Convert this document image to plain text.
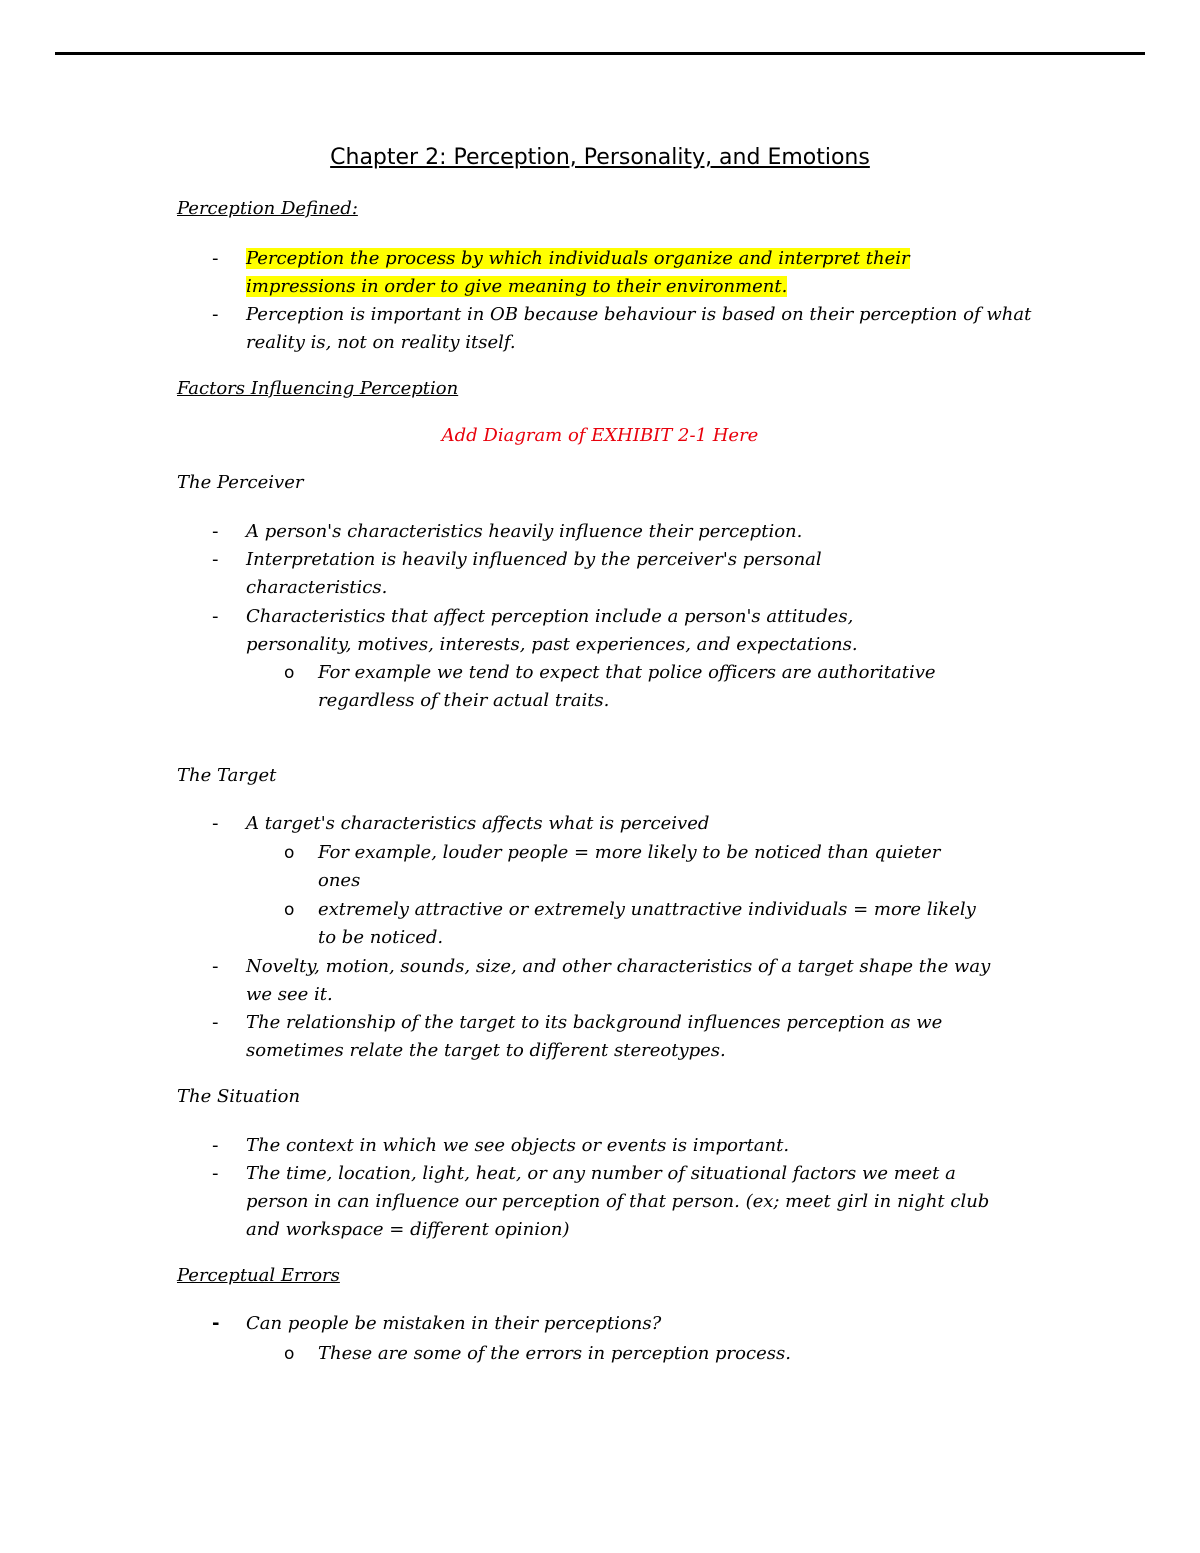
Chapter 2: Perception, Personality, and Emotions
Perception Defined:
- Perception the process by which individuals organize and interpret their impressions in order to give meaning to their environment.
- Perception is important in OB because behaviour is based on their perception of what reality is, not on reality itself.
Factors Influencing Perception
Add Diagram of EXHIBIT 2-1 Here
The Perceiver
- A person's characteristics heavily influence their perception.
- Interpretation is heavily influenced by the perceiver's personal characteristics.
- Characteristics that affect perception include a person's attitudes, personality, motives, interests, past experiences, and expectations.
o For example we tend to expect that police officers are authoritative regardless of their actual traits.
The Target
- A target's characteristics affects what is perceived
o For example, louder people = more likely to be noticed than quieter ones
o extremely attractive or extremely unattractive individuals = more likely to be noticed.
- Novelty, motion, sounds, size, and other characteristics of a target shape the way we see it.
- The relationship of the target to its background influences perception as we sometimes relate the target to different stereotypes.
The Situation
- The context in which we see objects or events is important.
- The time, location, light, heat, or any number of situational factors we meet a person in can influence our perception of that person. (ex; meet girl in night club and workspace = different opinion)
Perceptual Errors
- Can people be mistaken in their perceptions?
o These are some of the errors in perception process.
